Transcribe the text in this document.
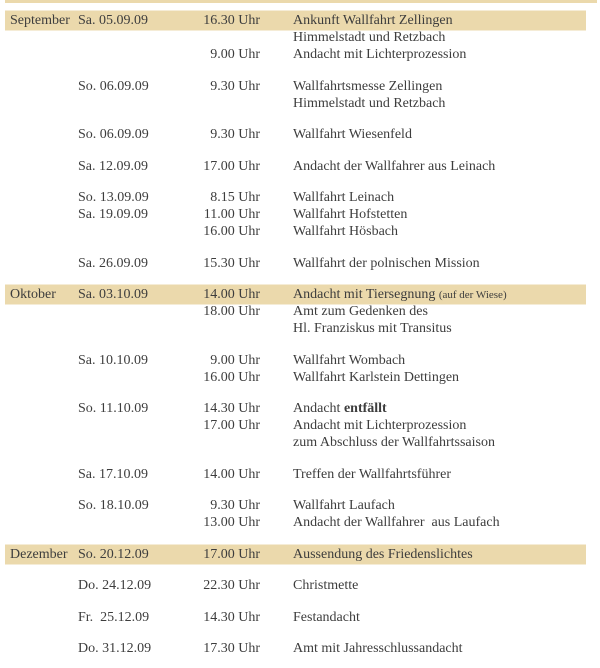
September Sa. 05.09.09	16.30 Uhr Ankunft Wallfahrt Zellingen
Himmelstadt und Retzbach
9.00 Uhr Andacht mit Lichterprozession
So. 06.09.09	9.30 Uhr Wallfahrtsmesse Zellingen
Himmelstadt und Retzbach
So. 06.09.09	9.30 Uhr Wallfahrt Wiesenfeld
Sa. 12.09.09	17.00 Uhr Andacht der Wallfahrer aus Leinach
So. 13.09.09	8.15 Uhr Wallfahrt Leinach
Sa. 19.09.09	11.00 Uhr Wallfahrt Hofstetten
16.00 Uhr Wallfahrt Hösbach
Sa. 26.09.09	15.30 Uhr Wallfahrt der polnischen Mission
Oktober	Sa. 03.10.09	14.00 Uhr Andacht mit Tiersegnung (auf der Wiese)
18.00 Uhr Amt zum Gedenken des
Hl. Franziskus mit Transitus
Sa. 10.10.09	9.00 Uhr Wallfahrt Wombach
16.00 Uhr Wallfahrt Karlstein Dettingen
So. 11.10.09	14.30 Uhr Andacht entfällt
17.00 Uhr Andacht mit Lichterprozession
zum Abschluss der Wallfahrtssaison
Sa. 17.10.09	14.00 Uhr Treffen der Wallfahrtsführer
So. 18.10.09	9.30 Uhr Wallfahrt Laufach
13.00 Uhr Andacht der Wallfahrer  aus Laufach
Dezember So. 20.12.09	17.00 Uhr Aussendung des Friedenslichtes
Do. 24.12.09	22.30 Uhr Christmette
Fr.  25.12.09	14.30 Uhr Festandacht
Do. 31.12.09	17.30 Uhr Amt mit Jahresschlussandacht
